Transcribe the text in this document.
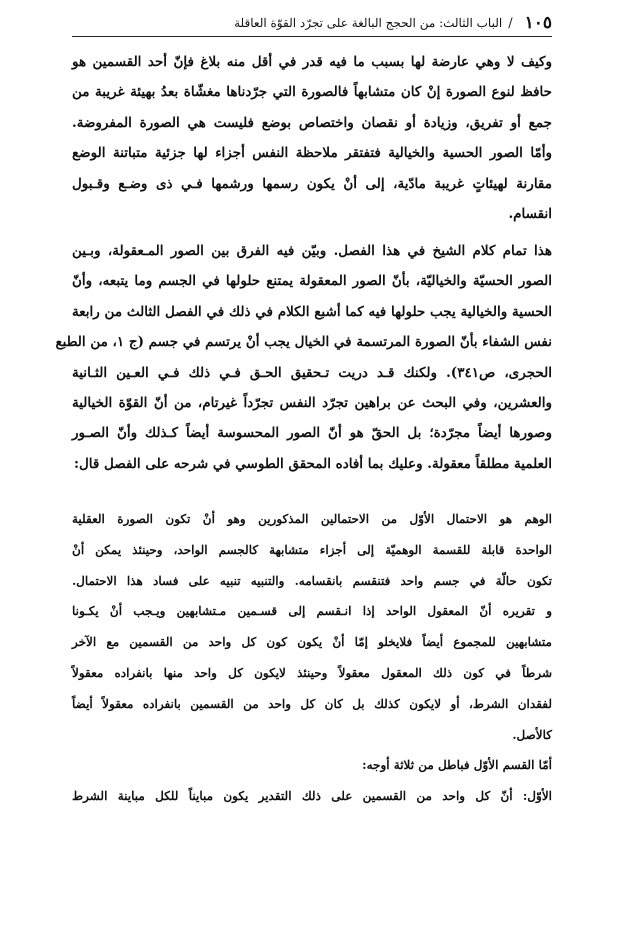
١٠٥
/
الباب الثالث: من الحجج البالغة على تجرّد القوّة العاقلة
وكيف لا وهي عارضة لها بسبب ما فيه قدر في أقل منه بلاغ فإنّ أحد القسمين هو
حافظ لنوع الصورة إنْ كان متشابهاً فالصورة التي جرّدناها مغشّاة بعدُ بهيئة غريبة من
جمع أو تفريق، وزيادة أو نقصان واختصاص بوضع فليست هي الصورة المفروضة.
وأمّا الصور الحسية والخيالية فتفتقر ملاحظة النفس أجزاء لها جزئية متباتنة الوضع
مقارنة لهيئاتٍ غريبة مادّية، إلى أنْ يكون رسمها ورشمها فـي ذى وضـع وقـبول
انقسام.
هذا تمام كلام الشيخ في هذا الفصل. وبيّن فيه الفرق بين الصور المـعقولة، وبـين
الصور الحسيّة والخياليّة، بأنّ الصور المعقولة يمتنع حلولها في الجسم وما يتبعه، وأنّ
الحسية والخيالية يجب حلولها فيه كما أشبع الكلام في ذلك في الفصل الثالث من رابعة
نفس الشفاء بأنّ الصورة المرتسمة في الخيال يجب أنْ يرتسم في جسم (ج ١، من الطبع
الحجرى، ص٣٤١). ولكنك قـد دريت تـحقيق الحـق فـي ذلك فـي العـين الثـانية
والعشرين، وفي البحث عن براهين تجرّد النفس تجرّداً غيرتام، من أنّ القوّة الخيالية
وصورها أيضاً مجرّدة؛ بل الحقّ هو أنّ الصور المحسوسة أيضاً كـذلك وأنّ الصـور
العلمية مطلقاً معقولة. وعليك بما أفاده المحقق الطوسي في شرحه على الفصل قال:
الوهم هو الاحتمال الأوّل من الاحتمالين المذكورين وهو أنْ تكون الصورة العقلية
الواحدة قابلة للقسمة الوهميّة إلى أجزاء متشابهة كالجسم الواحد، وحينئذ يمكن أنْ
تكون حالّة في جسم واحد فتنقسم بانقسامه. والتنبيه تنبيه على فساد هذا الاحتمال.
و تقريره أنّ المعقول الواحد إذا انـقسم إلى قسـمين مـتشابهين ويـجب أنْ يكـونا
متشابهين للمجموع أيضاً فلايخلو إمّا أنْ يكون كون كل واحد من القسمين مع الآخر
شرطاً في كون ذلك المعقول معقولاً وحينئذ لايكون كل واحد منها بانفراده معقولاً
لفقدان الشرط، أو لايكون كذلك بل كان كل واحد من القسمين بانفراده معقولاً أيضاً
كالأصل.
أمّا القسم الأوّل فباطل من ثلاثة أوجه:
الأوّل: أنّ كل واحد من القسمين على ذلك التقدير يكون مبايناً للكل مباينة الشرط
